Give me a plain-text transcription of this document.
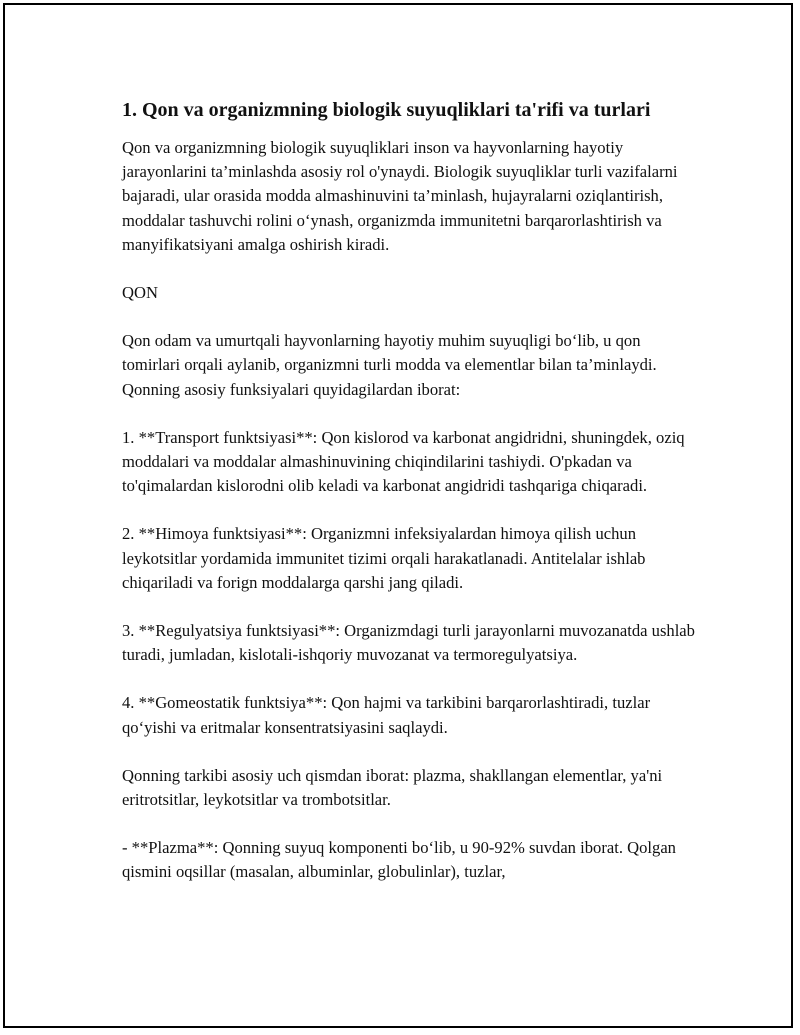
1. Qon va organizmning biologik suyuqliklari ta'rifi va turlari

Qon va organizmning biologik suyuqliklari inson va hayvonlarning hayotiy jarayonlarini ta’minlashda asosiy rol o'ynaydi. Biologik suyuqliklar turli vazifalarni bajaradi, ular orasida modda almashinuvini ta’minlash, hujayralarni oziqlantirish, moddalar tashuvchi rolini o‘ynash, organizmda immunitetni barqarorlashtirish va manyifikatsiyani amalga oshirish kiradi.

QON

Qon odam va umurtqali hayvonlarning hayotiy muhim suyuqligi bo‘lib, u qon tomirlari orqali aylanib, organizmni turli modda va elementlar bilan ta’minlaydi. Qonning asosiy funksiyalari quyidagilardan iborat:

1. **Transport funktsiyasi**: Qon kislorod va karbonat angidridni, shuningdek, oziq moddalari va moddalar almashinuvining chiqindilarini tashiydi. O'pkadan va to'qimalardan kislorodni olib keladi va karbonat angidridi tashqariga chiqaradi.

2. **Himoya funktsiyasi**: Organizmni infeksiyalardan himoya qilish uchun leykotsitlar yordamida immunitet tizimi orqali harakatlanadi. Antitelalar ishlab chiqariladi va forign moddalarga qarshi jang qiladi.

3. **Regulyatsiya funktsiyasi**: Organizmdagi turli jarayonlarni muvozanatda ushlab turadi, jumladan, kislotali-ishqoriy muvozanat va termoregulyatsiya.

4. **Gomeostatik funktsiya**: Qon hajmi va tarkibini barqarorlashtiradi, tuzlar qo‘yishi va eritmalar konsentratsiyasini saqlaydi.

Qonning tarkibi asosiy uch qismdan iborat: plazma, shakllangan elementlar, ya'ni eritrotsitlar, leykotsitlar va trombotsitlar.

- **Plazma**: Qonning suyuq komponenti bo‘lib, u 90-92% suvdan iborat. Qolgan qismini oqsillar (masalan, albuminlar, globulinlar), tuzlar,
